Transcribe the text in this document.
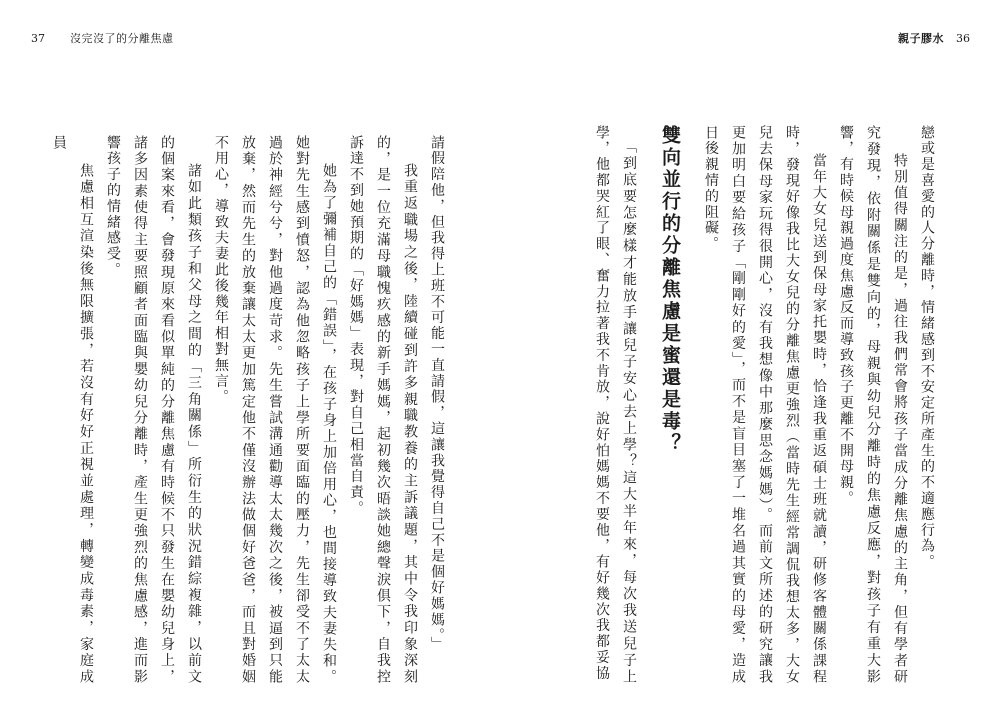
37 沒完沒了的分離焦慮	親子膠水 36

戀或是喜愛的人分離時，情緒感到不安定所產生的不適應行為。

特別值得關注的是，過往我們常會將孩子當成分離焦慮的主角，但有學者研究發現，依附關係是雙向的，母親與幼兒分離時的焦慮反應，對孩子有重大影響，有時候母親過度焦慮反而導致孩子更離不開母親。

當年大女兒送到保母家托嬰時，恰逢我重返碩士班就讀，研修客體關係課程時，發現好像我比大女兒的分離焦慮更強烈（當時先生經常調侃我想太多，大女兒去保母家玩得很開心，沒有我想像中那麼思念媽媽）。而前文所述的研究讓我更加明白要給孩子「剛剛好的愛」，而不是盲目塞了一堆名過其實的母愛，造成日後親情的阻礙。

雙向並行的分離焦慮是蜜還是毒？

「到底要怎麼樣才能放手讓兒子安心去上學？這大半年來，每次我送兒子上學，他都哭紅了眼、奮力拉著我不肯放，說好怕媽媽不要他，有好幾次我都妥協

請假陪他，但我得上班不可能一直請假，這讓我覺得自己不是個好媽媽。」

我重返職場之後，陸續碰到許多親職教養的主訴議題，其中令我印象深刻的，是一位充滿母職愧疚感的新手媽媽，起初幾次晤談她總聲淚俱下，自我控訴達不到她預期的「好媽媽」表現，對自己相當自責。

她為了彌補自己的「錯誤」，在孩子身上加倍用心，也間接導致夫妻失和。她對先生感到憤怒，認為他忽略孩子上學所要面臨的壓力，先生卻受不了太太過於神經兮兮，對他過度苛求。先生嘗試溝通勸導太太幾次之後，被逼到只能放棄，然而先生的放棄讓太太更加篤定他不僅沒辦法做個好爸爸，而且對婚姻不用心，導致夫妻此後幾年相對無言。

諸如此類孩子和父母之間的「三角關係」所衍生的狀況錯綜複雜，以前文的個案來看，會發現原來看似單純的分離焦慮有時候不只發生在嬰幼兒身上，諸多因素使得主要照顧者面臨與嬰幼兒分離時，產生更強烈的焦慮感，進而影響孩子的情緒感受。

焦慮相互渲染後無限擴張，若沒有好好正視並處理，轉變成毒素，家庭成員
